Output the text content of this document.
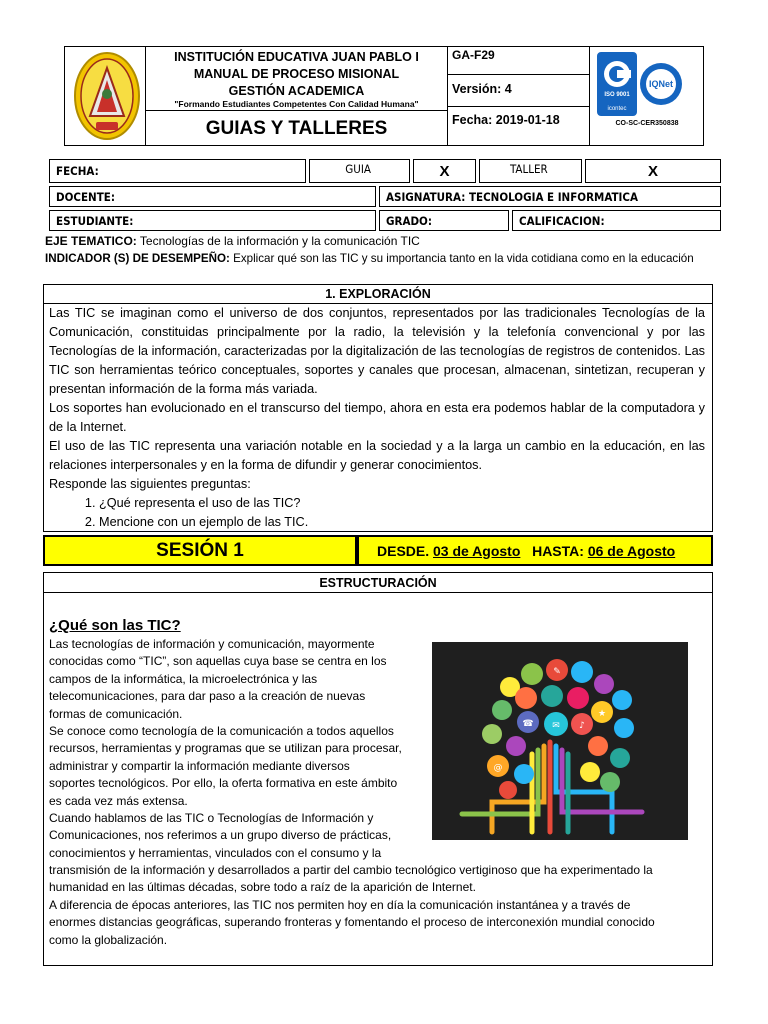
INSTITUCIÓN EDUCATIVA JUAN PABLO I
MANUAL DE PROCESO MISIONAL
GESTIÓN ACADEMICA
"Formando Estudiantes Competentes Con Calidad Humana"
GUIAS Y TALLERES
GA-F29
Versión: 4
Fecha: 2019-01-18
ISO 9001
icontec
IQNet
CO-SC-CER350838
FECHA:	GUIA	X	TALLER	X
DOCENTE:	ASIGNATURA: TECNOLOGIA E INFORMATICA
ESTUDIANTE:	GRADO:	CALIFICACION:
EJE TEMATICO: Tecnologías de la información y la comunicación TIC
INDICADOR (S) DE DESEMPEÑO: Explicar qué son las TIC y su importancia tanto en la vida cotidiana como en la educación
1. EXPLORACIÓN

Las TIC se imaginan como el universo de dos conjuntos, representados por las tradicionales Tecnologías de la Comunicación, constituidas principalmente por la radio, la televisión y la telefonía convencional y por las Tecnologías de la información, caracterizadas por la digitalización de las tecnologías de registros de contenidos. Las TIC son herramientas teórico conceptuales, soportes y canales que procesan, almacenan, sintetizan, recuperan y presentan información de la forma más variada.

Los soportes han evolucionado en el transcurso del tiempo, ahora en esta era podemos hablar de la computadora y de la Internet.

El uso de las TIC representa una variación notable en la sociedad y a la larga un cambio en la educación, en las relaciones interpersonales y en la forma de difundir y generar conocimientos.

Responde las siguientes preguntas:

1. ¿Qué representa el uso de las TIC?
2. Mencione con un ejemplo de las TIC.
SESIÓN 1	DESDE.
03 de Agosto
HASTA:
06 de Agosto
ESTRUCTURACIÓN
¿Qué son las TIC?

Las tecnologías de información y comunicación, mayormente

conocidas como “TIC”, son aquellas cuya base se centra en los

campos de la informática, la microelectrónica y las

telecomunicaciones, para dar paso a la creación de nuevas

formas de comunicación.

Se conoce como tecnología de la comunicación a todos aquellos

recursos, herramientas y programas que se utilizan para procesar,

administrar y compartir la información mediante diversos

soportes tecnológicos. Por ello, la oferta formativa en este ámbito

es cada vez más extensa.

Cuando hablamos de las TIC o Tecnologías de Información y

Comunicaciones, nos referimos a un grupo diverso de prácticas,

conocimientos y herramientas, vinculados con el consumo y la

transmisión de la información y desarrollados a partir del cambio tecnológico vertiginoso que ha experimentado la

humanidad en las últimas décadas, sobre todo a raíz de la aparición de Internet.

A diferencia de épocas anteriores, las TIC nos permiten hoy en día la comunicación instantánea y a través de

enormes distancias geográficas, superando fronteras y fomentando el proceso de interconexión mundial conocido

como la globalización.

✉
@
♪
☎
★
✎
